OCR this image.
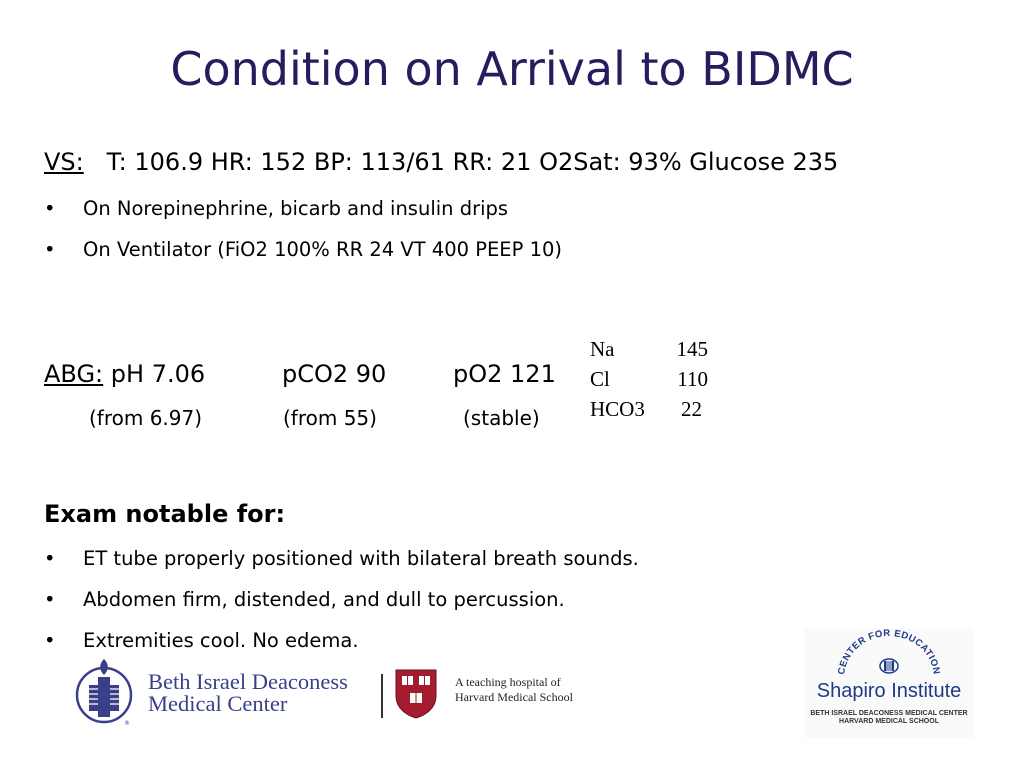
Condition on Arrival to BIDMC
VS: T: 106.9 HR: 152 BP: 113/61 RR: 21 O2Sat: 93% Glucose 235
• On Norepinephrine, bicarb and insulin drips
• On Ventilator (FiO2 100% RR 24 VT 400 PEEP 10)
ABG: pH 7.06	pCO2 90	pO2 121
(from 6.97)	(from 55)	(stable)
Na	145
Cl	110
HCO3	22
Exam notable for:
• ET tube properly positioned with bilateral breath sounds.
• Abdomen firm, distended, and dull to percussion.
• Extremities cool. No edema.
®
Beth Israel Deaconess
Medical Center
A teaching hospital of
Harvard Medical School
CENTER FOR EDUCATION
Shapiro Institute
BETH ISRAEL DEACONESS MEDICAL CENTER
HARVARD MEDICAL SCHOOL
